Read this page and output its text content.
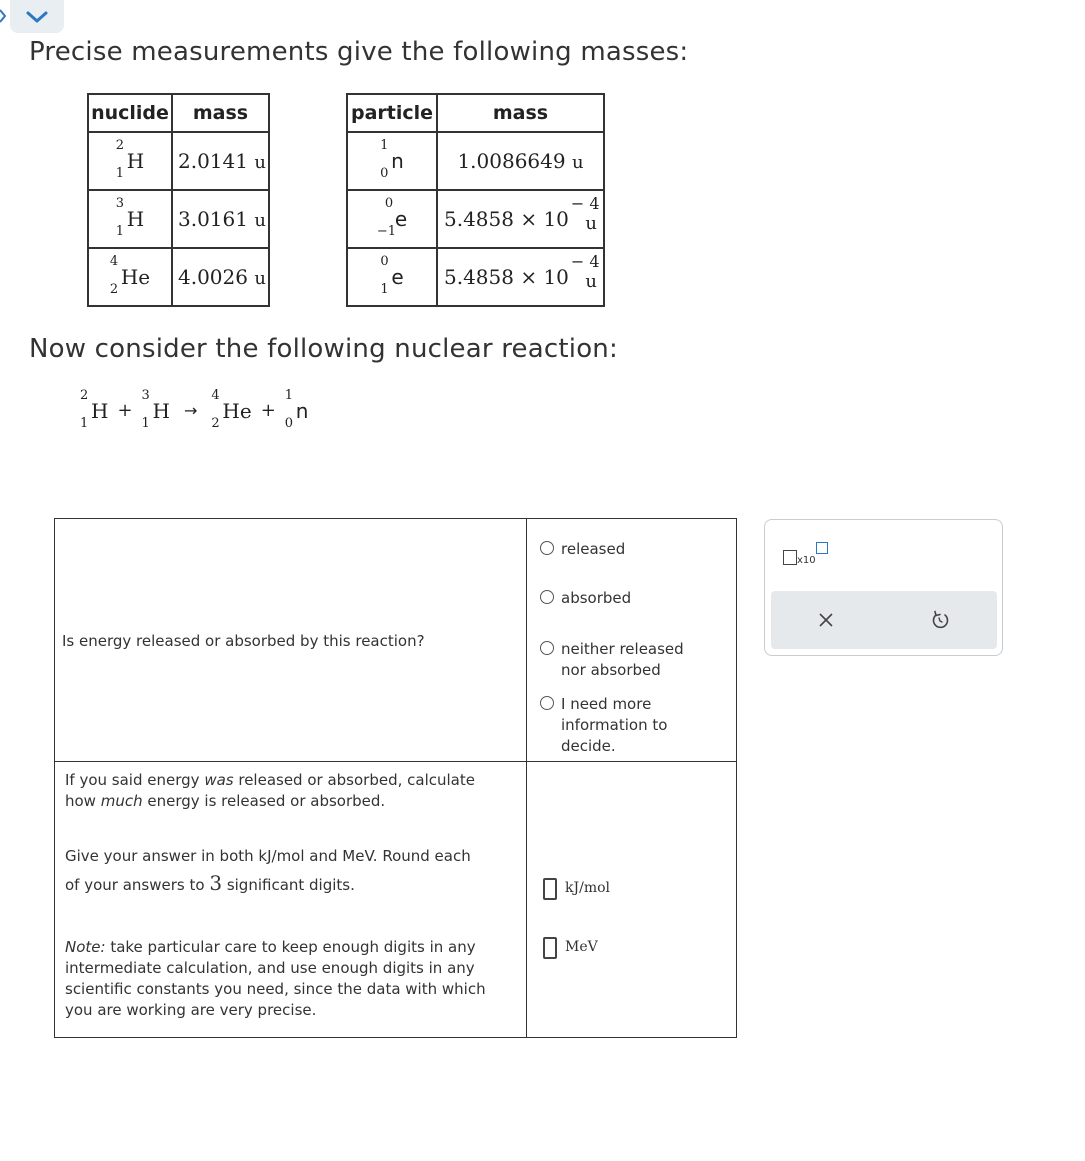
Precise measurements give the following masses:
nuclide	mass

2
1
H	2.0141 u

3
1
H	3.0161 u

4
2
He	4.0026 u
particle	mass

1
0
n	1.0086649 u

0
−1
e	5.4858 × 10
− 4
u

0
1
e	5.4858 × 10
− 4
u
Now consider the following nuclear reaction:
2
1
H +
3
1
H →
4
2
He +
1
0
n
Is energy released or absorbed by this reaction?
released
absorbed
neither released nor absorbed
I need more information to decide.
If you said energy was released or absorbed, calculate
how much energy is released or absorbed.
Give your answer in both kJ/mol and MeV. Round each
of your answers to 3 significant digits.
Note: take particular care to keep enough digits in any intermediate calculation, and use enough digits in any scientific constants you need, since the data with which you are working are very precise.
kJ/mol
MeV
x10
